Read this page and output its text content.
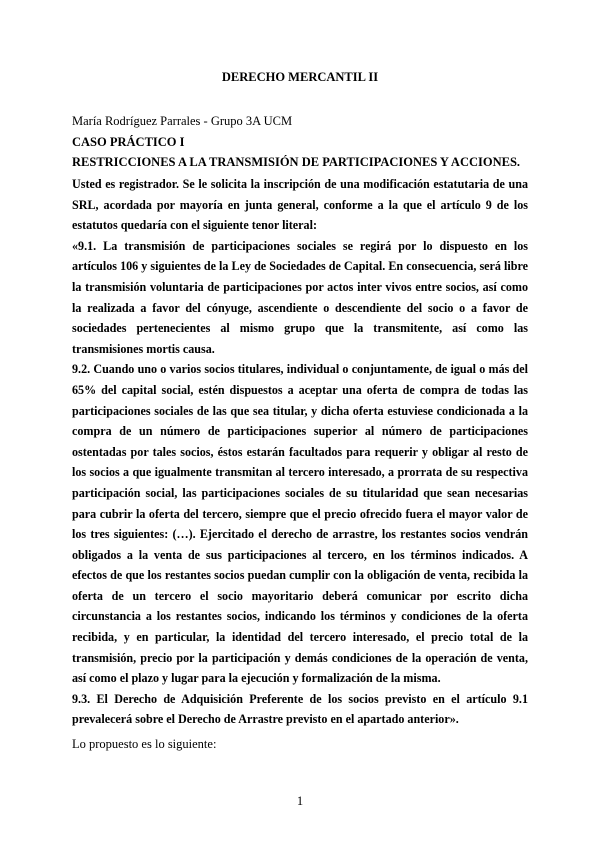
DERECHO MERCANTIL II
María Rodríguez Parrales - Grupo 3A UCM
CASO PRÁCTICO I
RESTRICCIONES A LA TRANSMISIÓN DE PARTICIPACIONES Y ACCIONES.

Usted es registrador. Se le solicita la inscripción de una modificación estatutaria de una SRL, acordada por mayoría en junta general, conforme a la que el artículo 9 de los estatutos quedaría con el siguiente tenor literal:

«9.1. La transmisión de participaciones sociales se regirá por lo dispuesto en los artículos 106 y siguientes de la Ley de Sociedades de Capital. En consecuencia, será libre la transmisión voluntaria de participaciones por actos inter vivos entre socios, así como la realizada a favor del cónyuge, ascendiente o descendiente del socio o a favor de sociedades pertenecientes al mismo grupo que la transmitente, así como las transmisiones mortis causa.

9.2. Cuando uno o varios socios titulares, individual o conjuntamente, de igual o más del 65% del capital social, estén dispuestos a aceptar una oferta de compra de todas las participaciones sociales de las que sea titular, y dicha oferta estuviese condicionada a la compra de un número de participaciones superior al número de participaciones ostentadas por tales socios, éstos estarán facultados para requerir y obligar al resto de los socios a que igualmente transmitan al tercero interesado, a prorrata de su respectiva participación social, las participaciones sociales de su titularidad que sean necesarias para cubrir la oferta del tercero, siempre que el precio ofrecido fuera el mayor valor de los tres siguientes: (…). Ejercitado el derecho de arrastre, los restantes socios vendrán obligados a la venta de sus participaciones al tercero, en los términos indicados. A efectos de que los restantes socios puedan cumplir con la obligación de venta, recibida la oferta de un tercero el socio mayoritario deberá comunicar por escrito dicha circunstancia a los restantes socios, indicando los términos y condiciones de la oferta recibida, y en particular, la identidad del tercero interesado, el precio total de la transmisión, precio por la participación y demás condiciones de la operación de venta, así como el plazo y lugar para la ejecución y formalización de la misma.

9.3. El Derecho de Adquisición Preferente de los socios previsto en el artículo 9.1 prevalecerá sobre el Derecho de Arrastre previsto en el apartado anterior».

Lo propuesto es lo siguiente:
1
